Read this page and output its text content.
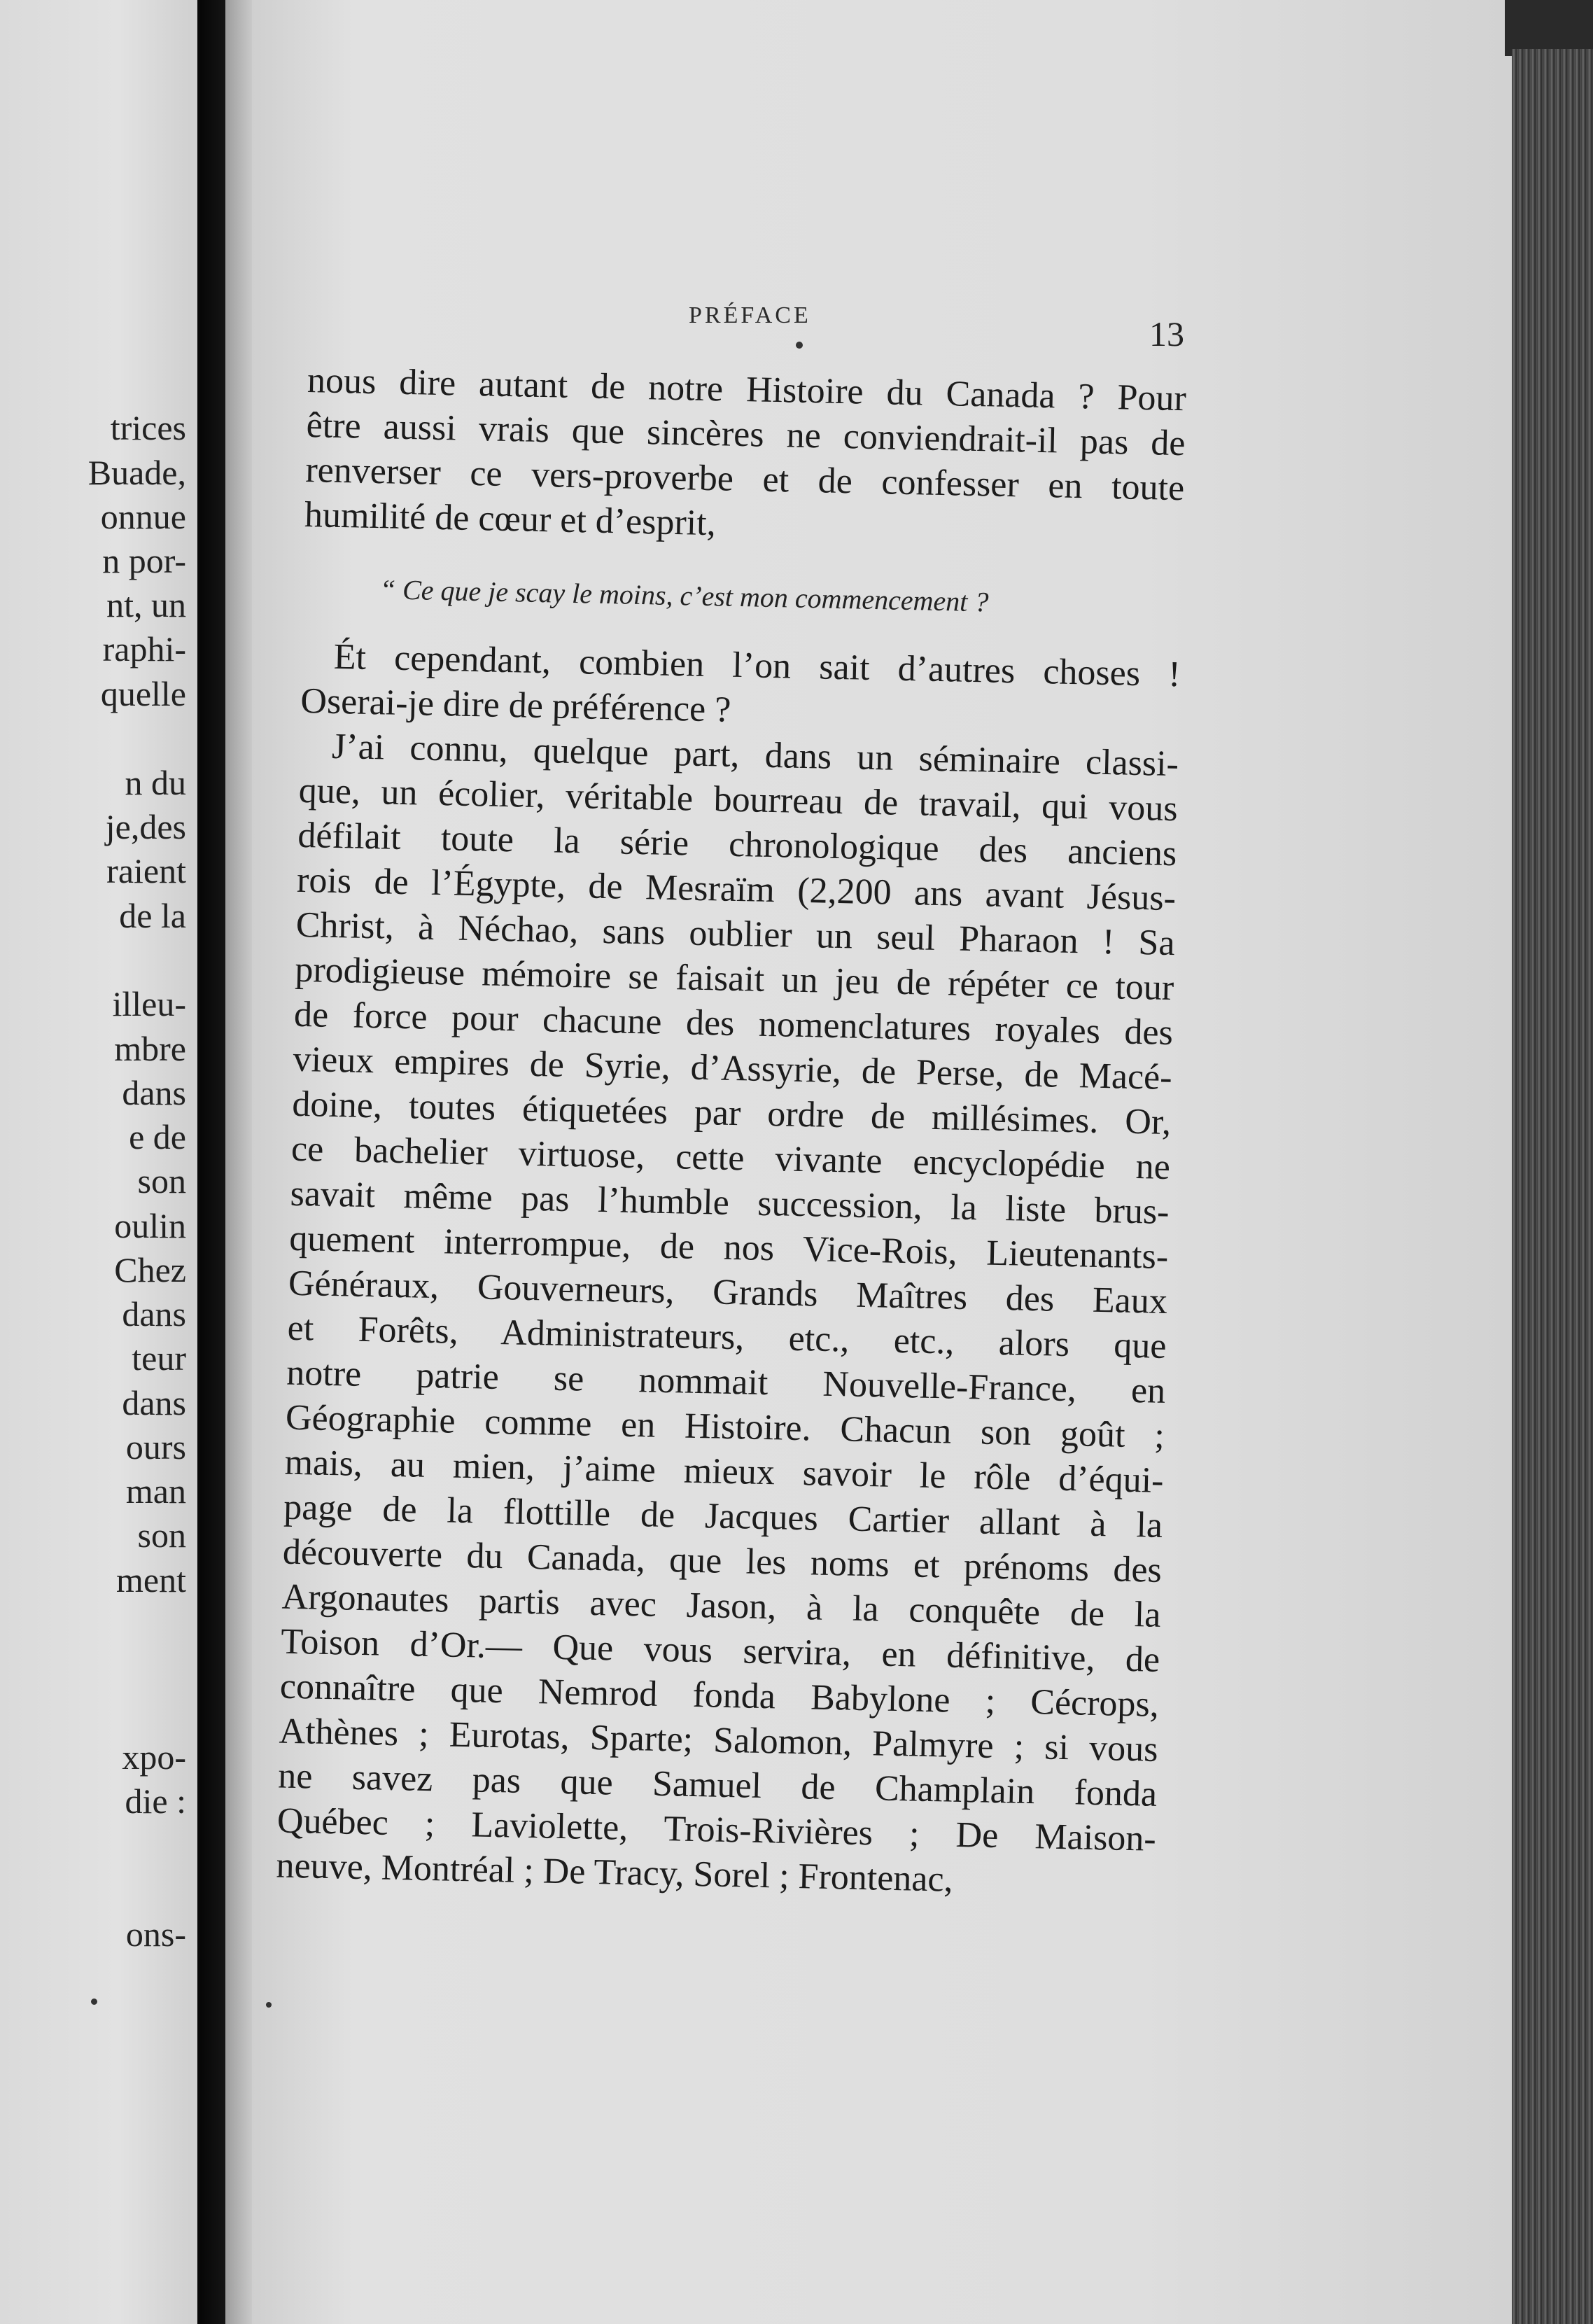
trices
Buade,
onnue
n por-
nt, un
raphi-
quelle
n du
je,des
raient
de la
illeu-
mbre
dans
e de
son
oulin
Chez
dans
teur
dans
ours
man
son
ment
xpo-
die :
ons-
PRÉFACE	13
nous dire autant de notre Histoire du Canada ? Pour
être aussi vrais que sincères ne conviendrait-il pas de
renverser ce vers-proverbe et de confesser en toute
humilité de cœur et d’esprit,
“ Ce que je scay le moins, c’est mon commencement ?
Ét cependant, combien l’on sait d’autres choses !
Oserai-je dire de préférence ?
J’ai connu, quelque part, dans un séminaire classi-
que, un écolier, véritable bourreau de travail, qui vous
défilait toute la série chronologique des anciens
rois de l’Égypte, de Mesraïm (2,200 ans avant Jésus-
Christ, à Néchao, sans oublier un seul Pharaon ! Sa
prodigieuse mémoire se faisait un jeu de répéter ce tour
de force pour chacune des nomenclatures royales des
vieux empires de Syrie, d’Assyrie, de Perse, de Macé-
doine, toutes étiquetées par ordre de millésimes. Or,
ce bachelier virtuose, cette vivante encyclopédie ne
savait même pas l’humble succession, la liste brus-
quement interrompue, de nos Vice-Rois, Lieutenants-
Généraux, Gouverneurs, Grands Maîtres des Eaux
et Forêts, Administrateurs, etc., etc., alors que
notre patrie se nommait Nouvelle-France, en
Géographie comme en Histoire. Chacun son goût ;
mais, au mien, j’aime mieux savoir le rôle d’équi-
page de la flottille de Jacques Cartier allant à la
découverte du Canada, que les noms et prénoms des
Argonautes partis avec Jason, à la conquête de la
Toison d’Or.— Que vous servira, en définitive, de
connaître que Nemrod fonda Babylone ; Cécrops,
Athènes ; Eurotas, Sparte; Salomon, Palmyre ; si vous
ne savez pas que Samuel de Champlain fonda
Québec ; Laviolette, Trois-Rivières ; De Maison-
neuve, Montréal ; De Tracy, Sorel ; Frontenac,
